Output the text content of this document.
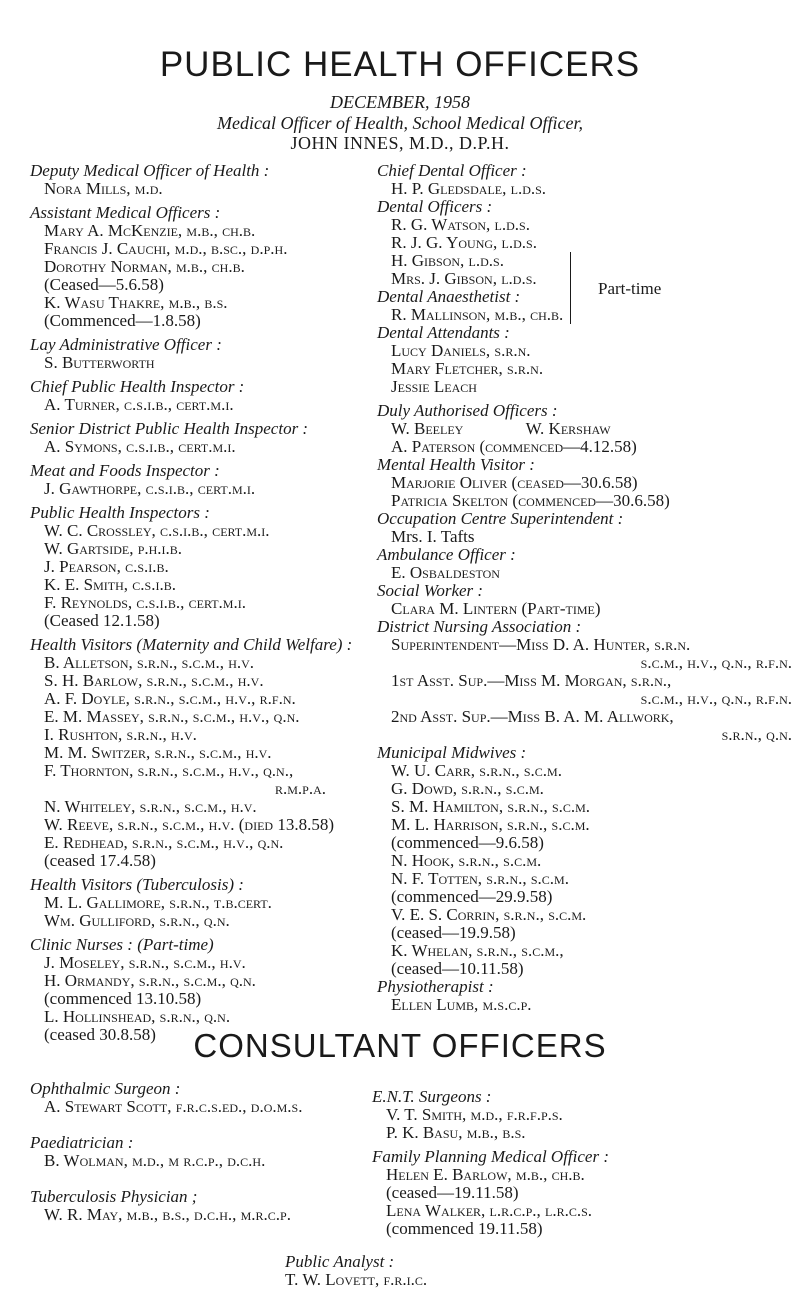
PUBLIC HEALTH OFFICERS
DECEMBER, 1958
Medical Officer of Health, School Medical Officer,
JOHN INNES, M.D., D.P.H.
Deputy Medical Officer of Health :
Nora Mills, m.d.
Assistant Medical Officers :
Mary A. McKenzie, m.b., ch.b.
Francis J. Cauchi, m.d., b.sc., d.p.h.
Dorothy Norman, m.b., ch.b.
(Ceased—5.6.58)
K. Wasu Thakre, m.b., b.s.
(Commenced—1.8.58)
Lay Administrative Officer :
S. Butterworth
Chief Public Health Inspector :
A. Turner, c.s.i.b., cert.m.i.
Senior District Public Health Inspector :
A. Symons, c.s.i.b., cert.m.i.
Meat and Foods Inspector :
J. Gawthorpe, c.s.i.b., cert.m.i.
Public Health Inspectors :
W. C. Crossley, c.s.i.b., cert.m.i.
W. Gartside, p.h.i.b.
J. Pearson, c.s.i.b.
K. E. Smith, c.s.i.b.
F. Reynolds, c.s.i.b., cert.m.i.
(Ceased 12.1.58)
Health Visitors (Maternity and Child Welfare) :
B. Alletson, s.r.n., s.c.m., h.v.
S. H. Barlow, s.r.n., s.c.m., h.v.
A. F. Doyle, s.r.n., s.c.m., h.v., r.f.n.
E. M. Massey, s.r.n., s.c.m., h.v., q.n.
I. Rushton, s.r.n., h.v.
M. M. Switzer, s.r.n., s.c.m., h.v.
F. Thornton, s.r.n., s.c.m., h.v., q.n.,
r.m.p.a.
N. Whiteley, s.r.n., s.c.m., h.v.
W. Reeve, s.r.n., s.c.m., h.v. (died 13.8.58)
E. Redhead, s.r.n., s.c.m., h.v., q.n.
(ceased 17.4.58)
Health Visitors (Tuberculosis) :
M. L. Gallimore, s.r.n., t.b.cert.
Wm. Gulliford, s.r.n., q.n.
Clinic Nurses : (Part-time)
J. Moseley, s.r.n., s.c.m., h.v.
H. Ormandy, s.r.n., s.c.m., q.n.
(commenced 13.10.58)
L. Hollinshead, s.r.n., q.n.
(ceased 30.8.58)
Chief Dental Officer :
H. P. Gledsdale, l.d.s.
Dental Officers :
R. G. Watson, l.d.s.
R. J. G. Young, l.d.s.
H. Gibson, l.d.s.
Mrs. J. Gibson, l.d.s.
Dental Anaesthetist :
R. Mallinson, m.b., ch.b.
Dental Attendants :
Lucy Daniels, s.r.n.
Mary Fletcher, s.r.n.
Jessie Leach
Duly Authorised Officers :
W. Beeley	W. Kershaw
A. Paterson (commenced—4.12.58)
Mental Health Visitor :
Marjorie Oliver (ceased—30.6.58)
Patricia Skelton (commenced—30.6.58)
Occupation Centre Superintendent :
Mrs. I. Tafts
Ambulance Officer :
E. Osbaldeston
Social Worker :
Clara M. Lintern (Part-time)
District Nursing Association :
Superintendent—Miss D. A. Hunter, s.r.n.
s.c.m., h.v., q.n., r.f.n.
1st Asst. Sup.—Miss M. Morgan, s.r.n.,
s.c.m., h.v., q.n., r.f.n.
2nd Asst. Sup.—Miss B. A. M. Allwork,
s.r.n., q.n.
Municipal Midwives :
W. U. Carr, s.r.n., s.c.m.
G. Dowd, s.r.n., s.c.m.
S. M. Hamilton, s.r.n., s.c.m.
M. L. Harrison, s.r.n., s.c.m.
(commenced—9.6.58)
N. Hook, s.r.n., s.c.m.
N. F. Totten, s.r.n., s.c.m.
(commenced—29.9.58)
V. E. S. Corrin, s.r.n., s.c.m.
(ceased—19.9.58)
K. Whelan, s.r.n., s.c.m.,
(ceased—10.11.58)
Physiotherapist :
Ellen Lumb, m.s.c.p.
Part-time
CONSULTANT OFFICERS
Ophthalmic Surgeon :
A. Stewart Scott, f.r.c.s.ed., d.o.m.s.
Paediatrician :
B. Wolman, m.d., m r.c.p., d.c.h.
Tuberculosis Physician ;
W. R. May, m.b., b.s., d.c.h., m.r.c.p.
E.N.T. Surgeons :
V. T. Smith, m.d., f.r.f.p.s.
P. K. Basu, m.b., b.s.
Family Planning Medical Officer :
Helen E. Barlow, m.b., ch.b.
(ceased—19.11.58)
Lena Walker, l.r.c.p., l.r.c.s.
(commenced 19.11.58)
Public Analyst :
T. W. Lovett, f.r.i.c.
